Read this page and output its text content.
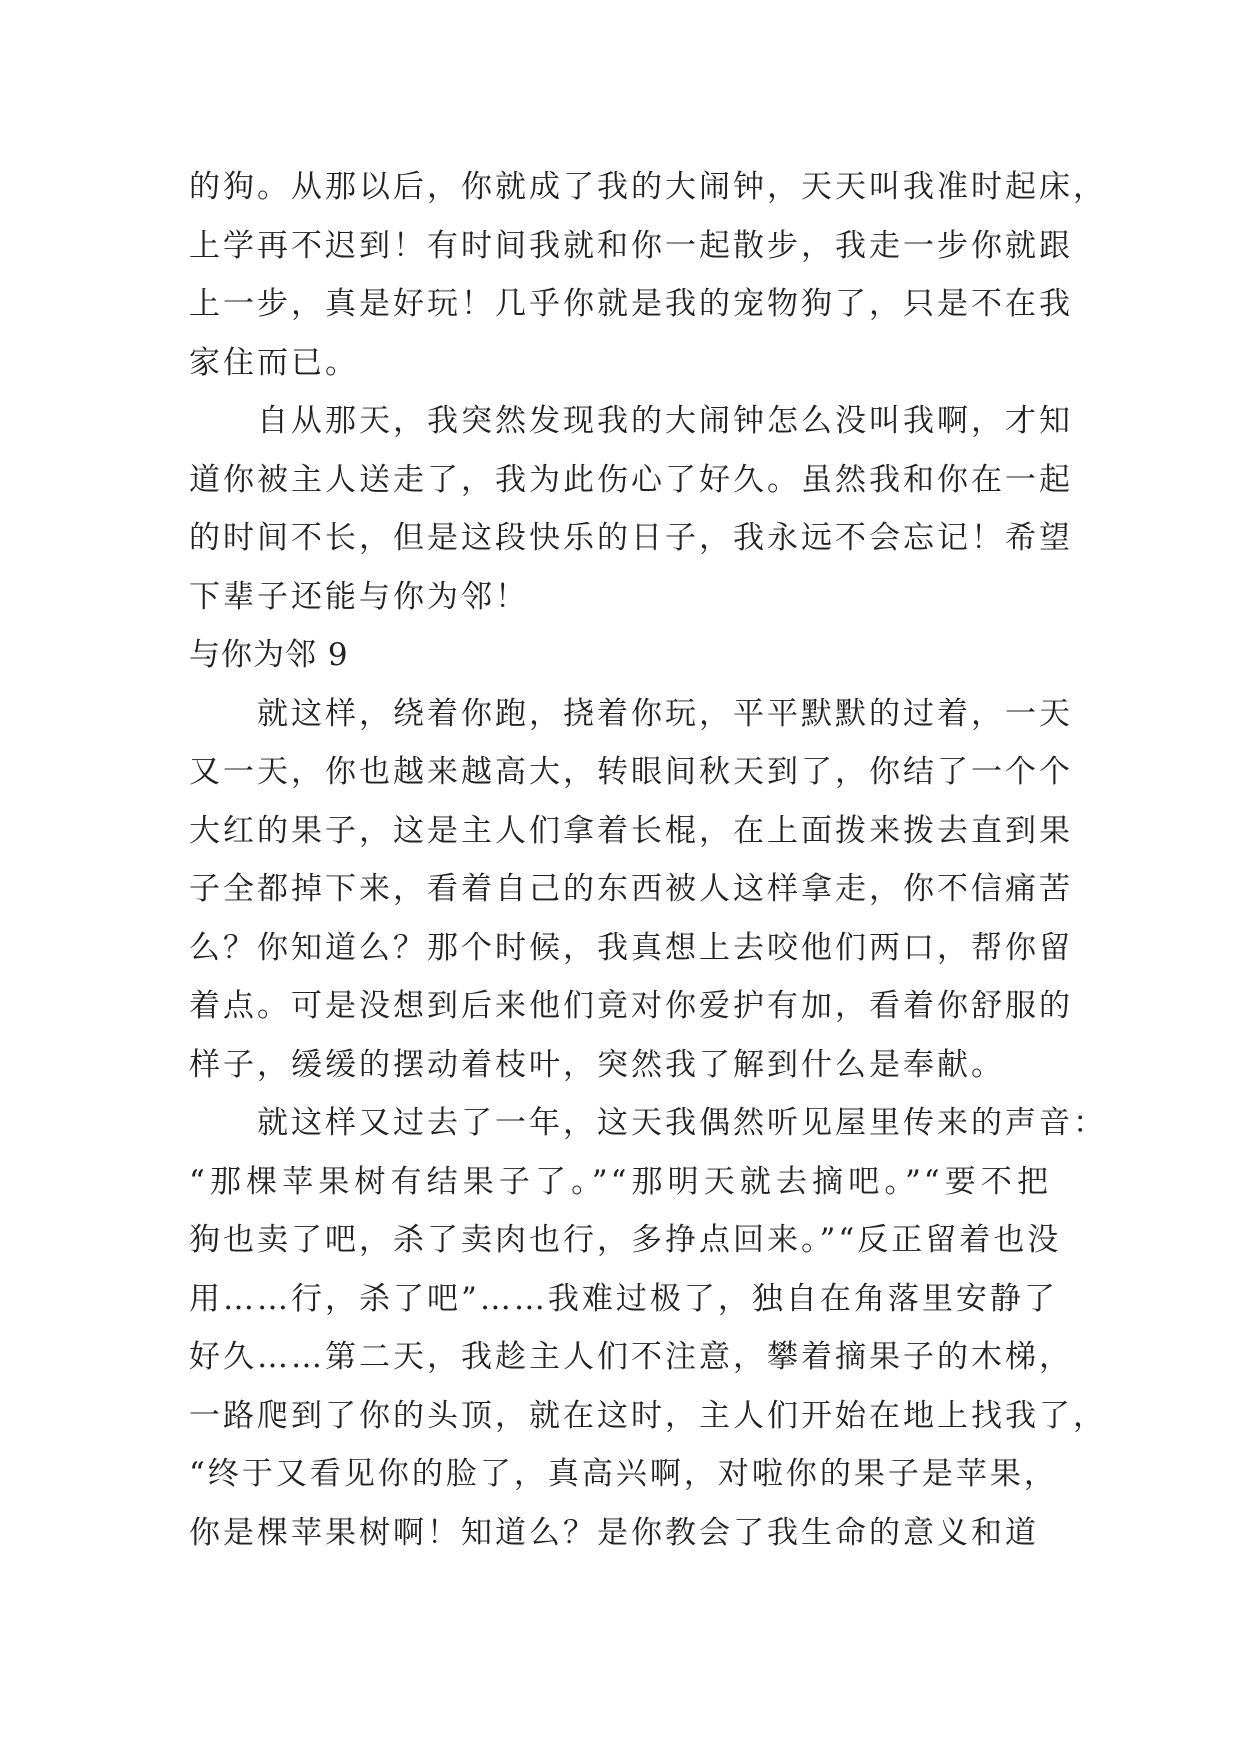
的狗。从那以后，你就成了我的大闹钟，天天叫我准时起床，
上学再不迟到！有时间我就和你一起散步，我走一步你就跟
上一步，真是好玩！几乎你就是我的宠物狗了，只是不在我
家住而已。
自从那天，我突然发现我的大闹钟怎么没叫我啊，才知
道你被主人送走了，我为此伤心了好久。虽然我和你在一起
的时间不长，但是这段快乐的日子，我永远不会忘记！希望
下辈子还能与你为邻！
与你为邻 9
就这样，绕着你跑，挠着你玩，平平默默的过着，一天
又一天，你也越来越高大，转眼间秋天到了，你结了一个个
大红的果子，这是主人们拿着长棍，在上面拨来拨去直到果
子全都掉下来，看着自己的东西被人这样拿走，你不信痛苦
么？你知道么？那个时候，我真想上去咬他们两口，帮你留
着点。可是没想到后来他们竟对你爱护有加，看着你舒服的
样子，缓缓的摆动着枝叶，突然我了解到什么是奉献。
就这样又过去了一年，这天我偶然听见屋里传来的声音：
“那棵苹果树有结果子了。”“那明天就去摘吧。”“要不把
狗也卖了吧，杀了卖肉也行，多挣点回来。”“反正留着也没
用……行，杀了吧”……我难过极了，独自在角落里安静了
好久……第二天，我趁主人们不注意，攀着摘果子的木梯，
一路爬到了你的头顶，就在这时，主人们开始在地上找我了，
“终于又看见你的脸了，真高兴啊，对啦你的果子是苹果，
你是棵苹果树啊！知道么？是你教会了我生命的意义和道
